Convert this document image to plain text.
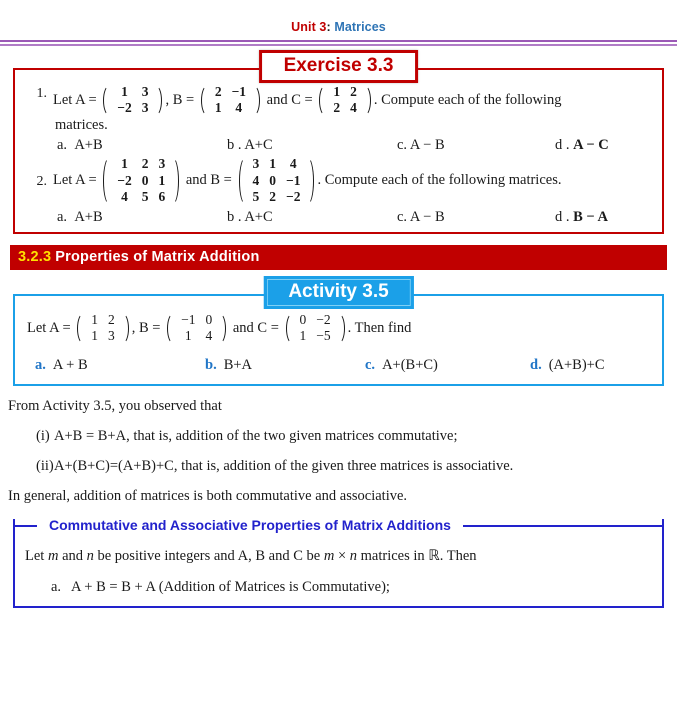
Unit 3: Matrices
Exercise 3.3
1. Let A =
1	3
−2 3
, B =
2 −1
1	4
and C =
1 2
2 4
. Compute each of the following
matrices.
a. A+B	b . A+C	c. A − B	d . A − C
2. Let A =
1	2 3
−2 0 1
4	5 6
and B =
3 1	4
4 0 −1
5 2 −2
. Compute each of the following matrices.
a. A+B	b . A+C	c. A − B	d . B − A
3.2.3 Properties of Matrix Addition
Activity 3.5
Let A =
1 2
1 3	, B =
−1 0
1	4	and C =
0 −2
1 −5	. Then find
a. A + B	b. B+A	c. A+(B+C)	d. (A+B)+C

From Activity 3.5, you observed that

(i) A+B = B+A, that is, addition of the two given matrices commutative;
(ii) A+(B+C)=(A+B)+C, that is, addition of the given three matrices is associative.

In general, addition of matrices is both commutative and associative.

Commutative and Associative Properties of Matrix Additions
Let m and n be positive integers and A, B and C be m × n matrices in ℝ. Then
a. A + B = B + A (Addition of Matrices is Commutative);
